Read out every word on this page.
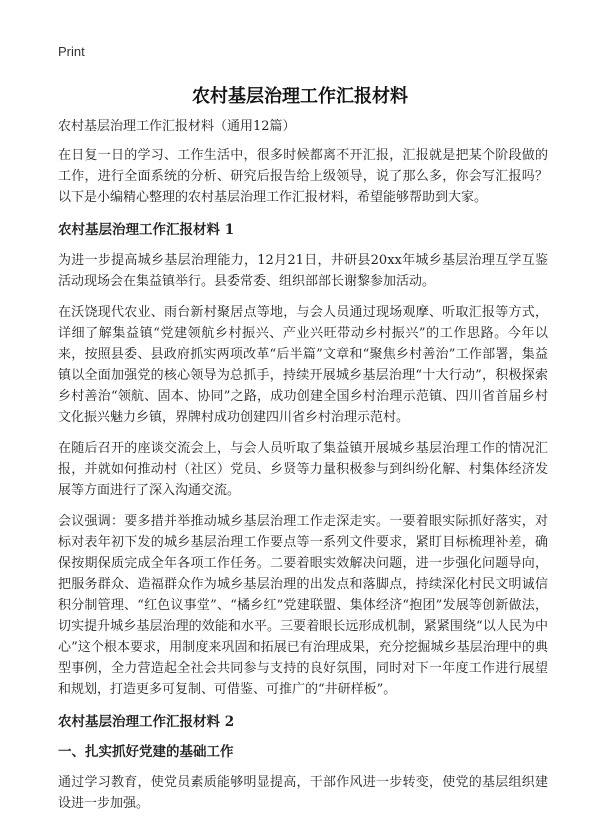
Print
农村基层治理工作汇报材料
农村基层治理工作汇报材料（通用12篇）

在日复一日的学习、工作生活中，很多时候都离不开汇报，汇报就是把某个阶段做的工作，进行全面系统的分析、研究后报告给上级领导，说了那么多，你会写汇报吗？以下是小编精心整理的农村基层治理工作汇报材料，希望能够帮助到大家。

农村基层治理工作汇报材料 1

为进一步提高城乡基层治理能力，12月21日，井研县20xx年城乡基层治理互学互鉴活动现场会在集益镇举行。县委常委、组织部部长谢黎参加活动。

在沃饶现代农业、雨台新村聚居点等地，与会人员通过现场观摩、听取汇报等方式，详细了解集益镇“党建领航乡村振兴、产业兴旺带动乡村振兴”的工作思路。今年以来，按照县委、县政府抓实两项改革“后半篇”文章和“聚焦乡村善治”工作部署，集益镇以全面加强党的核心领导为总抓手，持续开展城乡基层治理“十大行动”，积极探索乡村善治“领航、固本、协同”之路，成功创建全国乡村治理示范镇、四川省首届乡村文化振兴魅力乡镇，界牌村成功创建四川省乡村治理示范村。

在随后召开的座谈交流会上，与会人员听取了集益镇开展城乡基层治理工作的情况汇报，并就如何推动村（社区）党员、乡贤等力量积极参与到纠纷化解、村集体经济发展等方面进行了深入沟通交流。

会议强调：要多措并举推动城乡基层治理工作走深走实。一要着眼实际抓好落实，对标对表年初下发的城乡基层治理工作要点等一系列文件要求，紧盯目标梳理补差，确保按期保质完成全年各项工作任务。二要着眼实效解决问题，进一步强化问题导向，把服务群众、造福群众作为城乡基层治理的出发点和落脚点，持续深化村民文明诚信积分制管理、“红色议事堂”、“橘乡红”党建联盟、集体经济“抱团”发展等创新做法，切实提升城乡基层治理的效能和水平。三要着眼长远形成机制，紧紧围绕“以人民为中心”这个根本要求，用制度来巩固和拓展已有治理成果，充分挖掘城乡基层治理中的典型事例，全力营造起全社会共同参与支持的良好氛围，同时对下一年度工作进行展望和规划，打造更多可复制、可借鉴、可推广的“井研样板”。

农村基层治理工作汇报材料 2
一、扎实抓好党建的基础工作

通过学习教育，使党员素质能够明显提高，干部作风进一步转变，使党的基层组织建设进一步加强。
